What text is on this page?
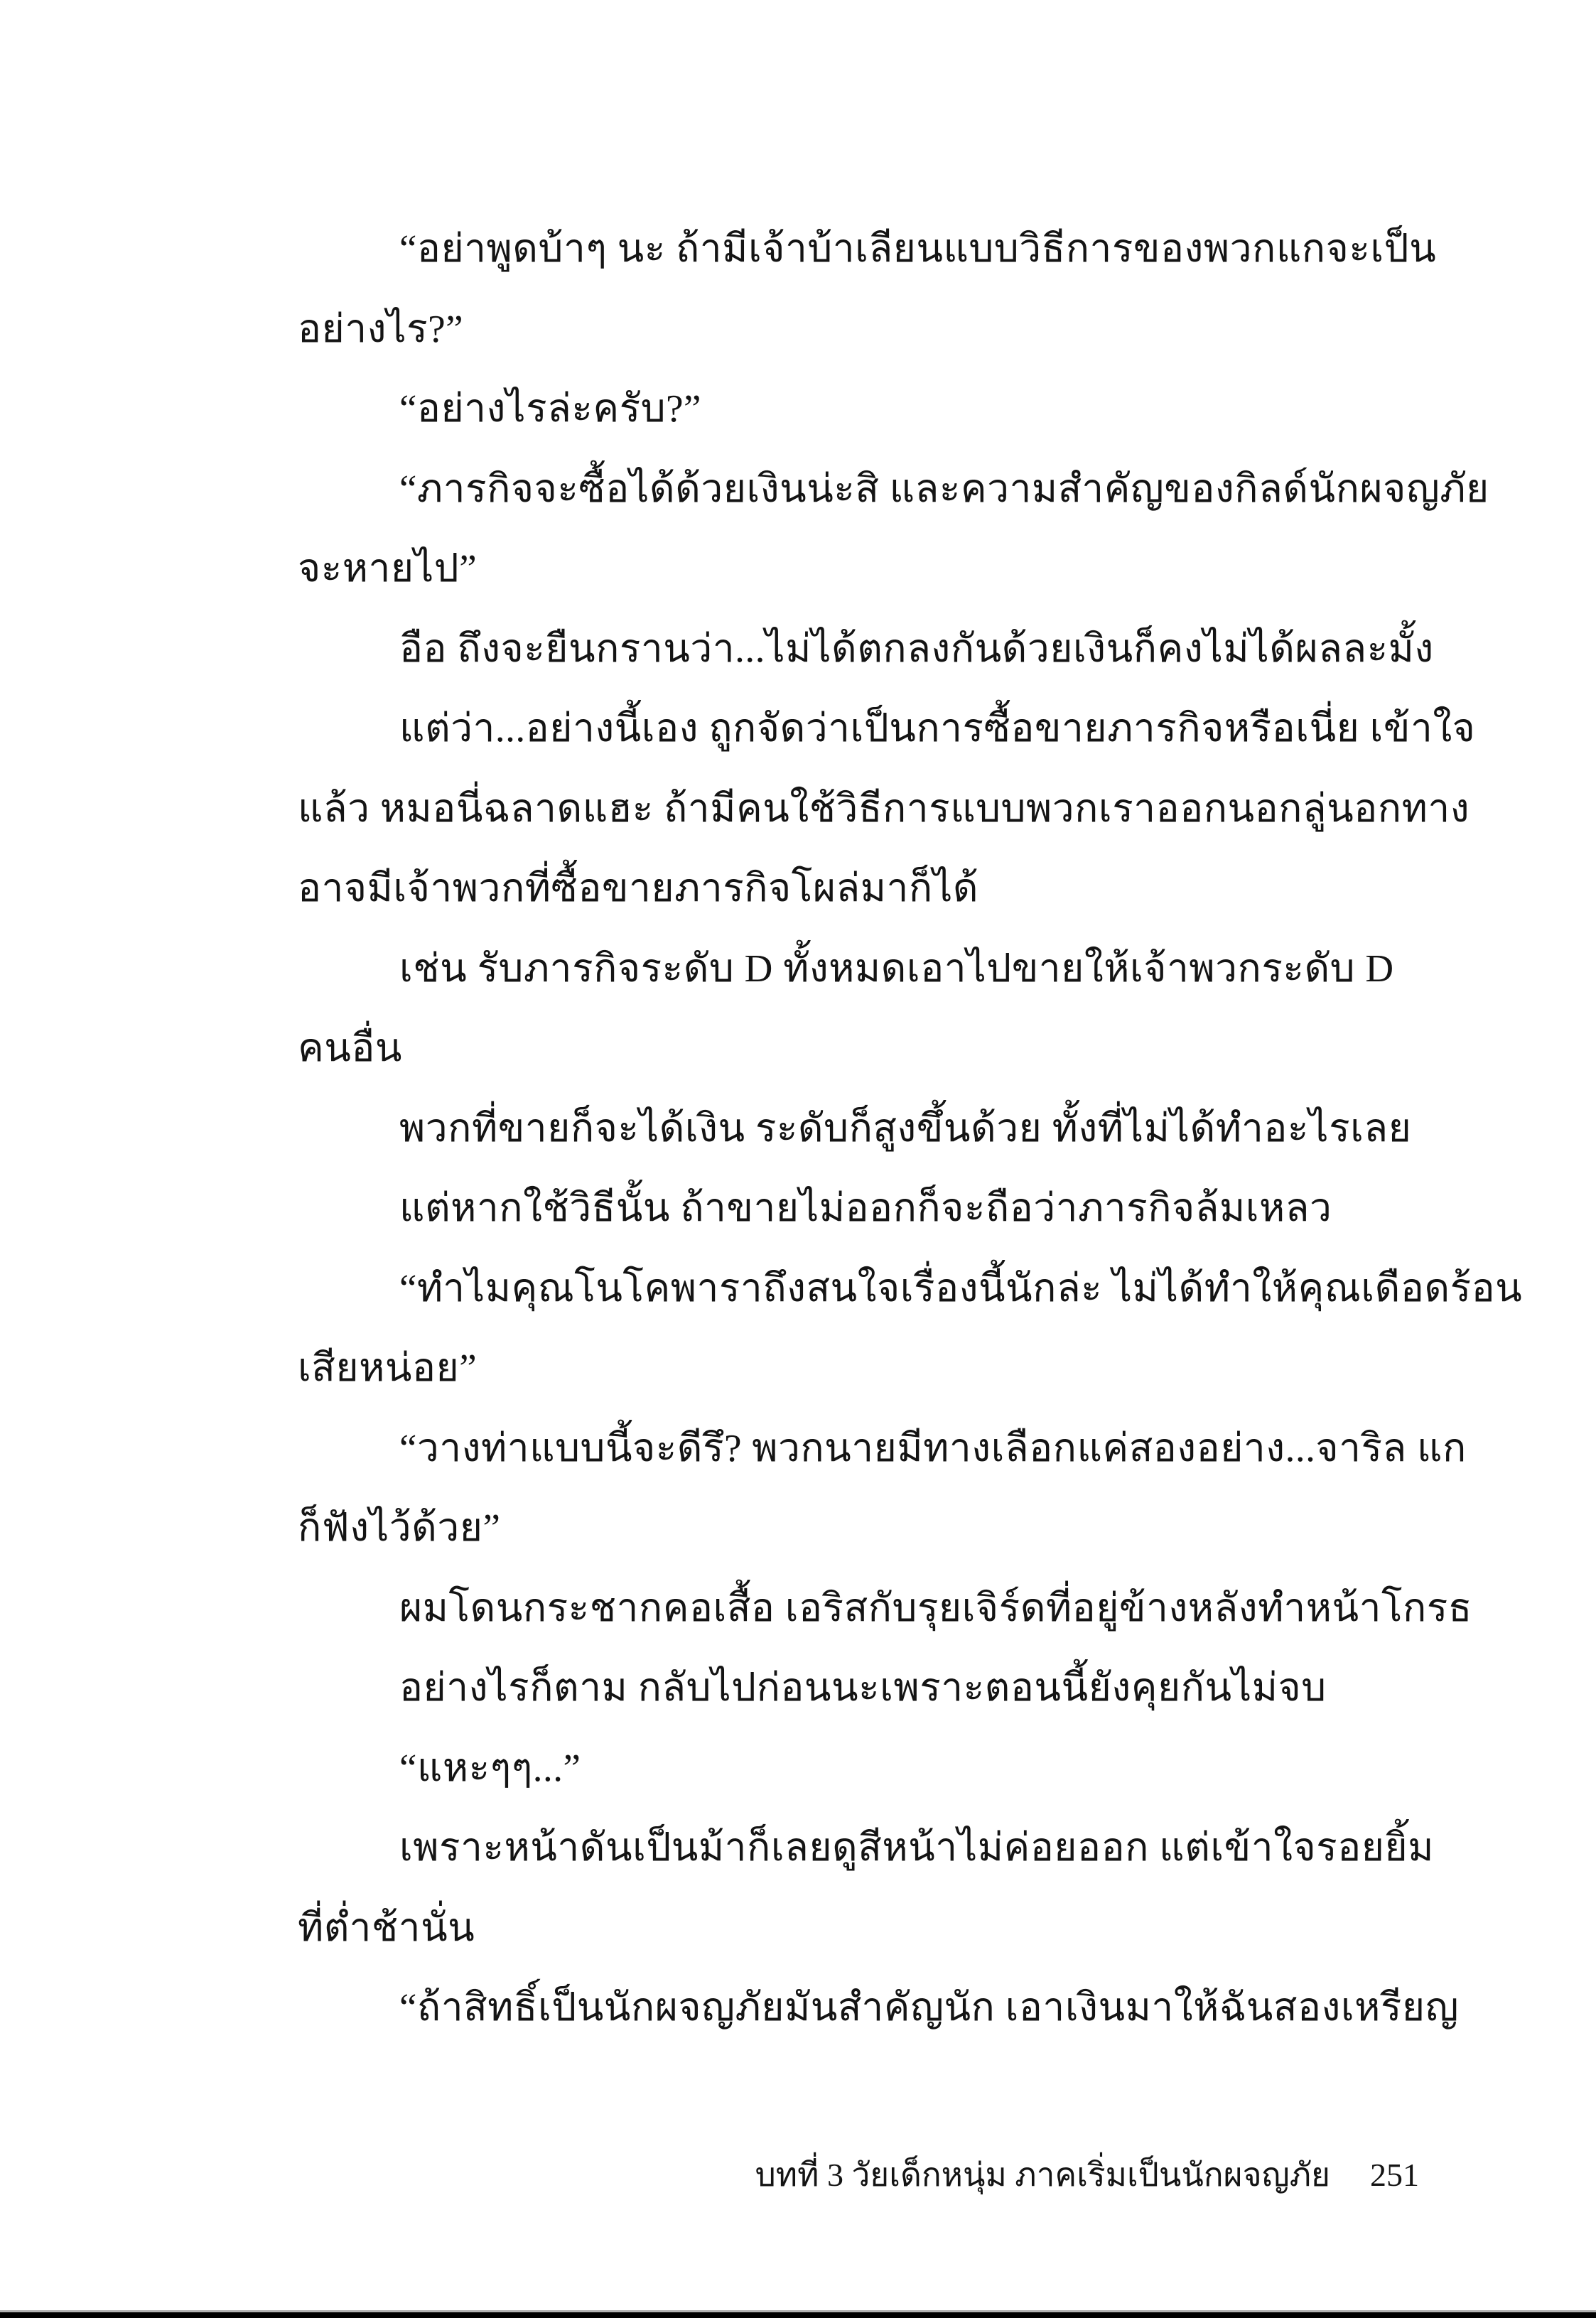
“อย่าพูดบ้าๆ นะ ถ้ามีเจ้าบ้าเลียนแบบวิธีการของพวกแกจะเป็น
อย่างไร?”
“อย่างไรล่ะครับ?”
“ภารกิจจะซื้อได้ด้วยเงินน่ะสิ และความสำคัญของกิลด์นักผจญภัย
จะหายไป”
อือ ถึงจะยืนกรานว่า...ไม่ได้ตกลงกันด้วยเงินก็คงไม่ได้ผลละมั้ง
แต่ว่า...อย่างนี้เอง ถูกจัดว่าเป็นการซื้อขายภารกิจหรือเนี่ย เข้าใจ
แล้ว หมอนี่ฉลาดแฮะ ถ้ามีคนใช้วิธีการแบบพวกเราออกนอกลู่นอกทาง
อาจมีเจ้าพวกที่ซื้อขายภารกิจโผล่มาก็ได้
เช่น รับภารกิจระดับ D ทั้งหมดเอาไปขายให้เจ้าพวกระดับ D
คนอื่น
พวกที่ขายก็จะได้เงิน ระดับก็สูงขึ้นด้วย ทั้งที่ไม่ได้ทำอะไรเลย
แต่หากใช้วิธีนั้น ถ้าขายไม่ออกก็จะถือว่าภารกิจล้มเหลว
“ทำไมคุณโนโคพาราถึงสนใจเรื่องนี้นักล่ะ ไม่ได้ทำให้คุณเดือดร้อน
เสียหน่อย”
“วางท่าแบบนี้จะดีรึ? พวกนายมีทางเลือกแค่สองอย่าง...จาริล แก
ก็ฟังไว้ด้วย”
ผมโดนกระชากคอเสื้อ เอริสกับรุยเจิร์ดที่อยู่ข้างหลังทำหน้าโกรธ
อย่างไรก็ตาม กลับไปก่อนนะเพราะตอนนี้ยังคุยกันไม่จบ
“แหะๆๆ...”
เพราะหน้าดันเป็นม้าก็เลยดูสีหน้าไม่ค่อยออก แต่เข้าใจรอยยิ้ม
ที่ต่ำช้านั่น
“ถ้าสิทธิ์เป็นนักผจญภัยมันสำคัญนัก เอาเงินมาให้ฉันสองเหรียญ
บทที่ 3 วัยเด็กหนุ่ม ภาคเริ่มเป็นนักผจญภัย 251
